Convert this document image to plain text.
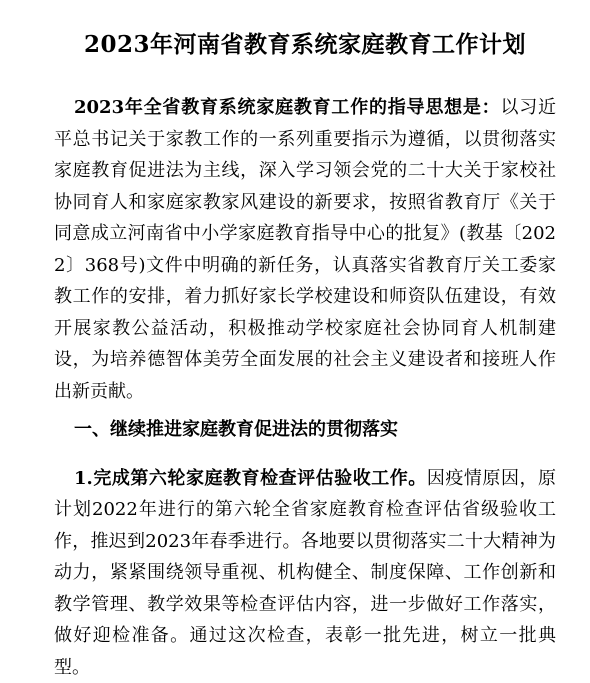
2023年河南省教育系统家庭教育工作计划

2023年全省教育系统家庭教育工作的指导思想是：以习近平总书记关于家教工作的一系列重要指示为遵循，以贯彻落实家庭教育促进法为主线，深入学习领会党的二十大关于家校社协同育人和家庭家教家风建设的新要求，按照省教育厅《关于同意成立河南省中小学家庭教育指导中心的批复》(教基〔2022〕368号)文件中明确的新任务，认真落实省教育厅关工委家教工作的安排，着力抓好家长学校建设和师资队伍建设，有效开展家教公益活动，积极推动学校家庭社会协同育人机制建设，为培养德智体美劳全面发展的社会主义建设者和接班人作出新贡献。

一、继续推进家庭教育促进法的贯彻落实

1.完成第六轮家庭教育检查评估验收工作。因疫情原因，原计划2022年进行的第六轮全省家庭教育检查评估省级验收工作，推迟到2023年春季进行。各地要以贯彻落实二十大精神为动力，紧紧围绕领导重视、机构健全、制度保障、工作创新和教学管理、教学效果等检查评估内容，进一步做好工作落实，做好迎检准备。通过这次检查，表彰一批先进，树立一批典型。
